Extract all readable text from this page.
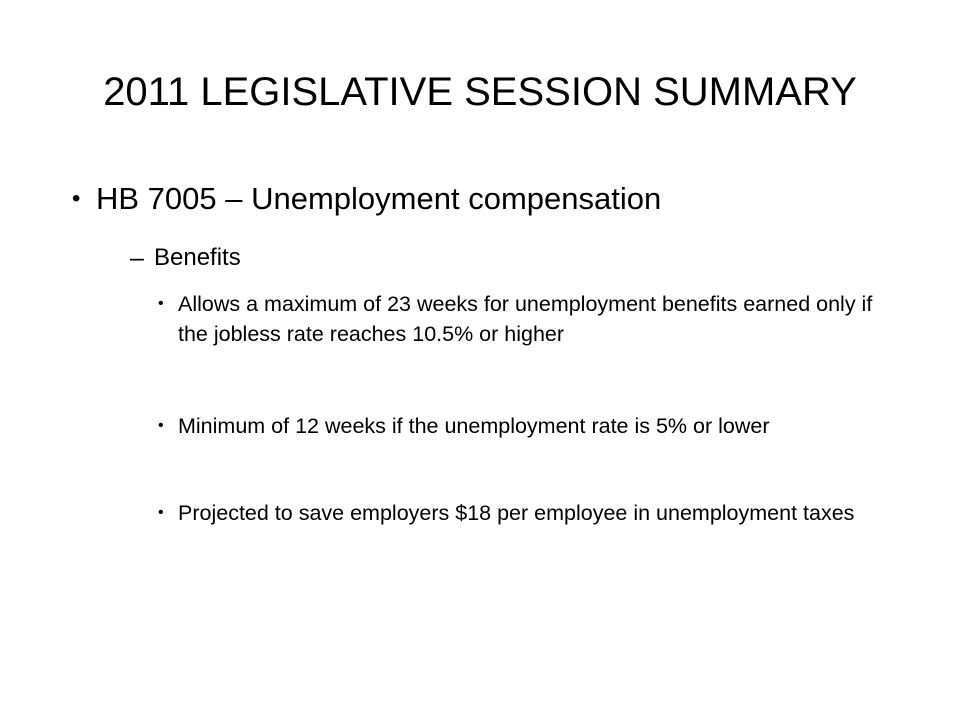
2011 LEGISLATIVE SESSION SUMMARY
• HB 7005 – Unemployment compensation
– Benefits
• Allows a maximum of 23 weeks for unemployment benefits earned only if the jobless rate reaches 10.5% or higher
• Minimum of 12 weeks if the unemployment rate is 5% or lower
• Projected to save employers $18 per employee in unemployment taxes
